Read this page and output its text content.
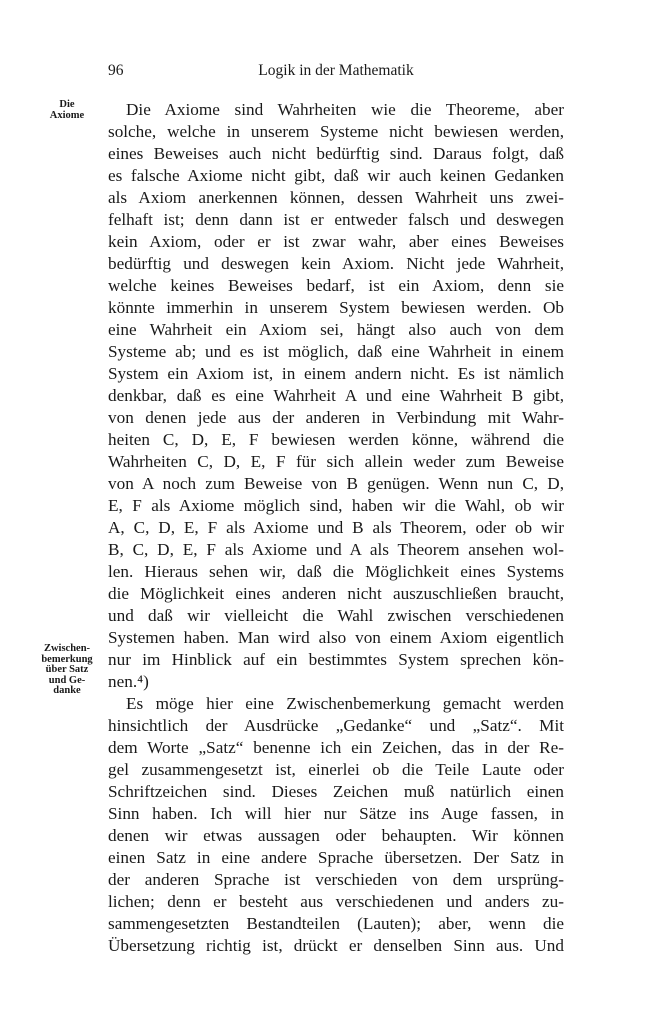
96	Logik in der Mathematik
Die
Axiome
Zwischen-
bemerkung
über Satz
und Ge-
danke
Die Axiome sind Wahrheiten wie die Theoreme, aber
solche, welche in unserem Systeme nicht bewiesen werden,
eines Beweises auch nicht bedürftig sind. Daraus folgt, daß
es falsche Axiome nicht gibt, daß wir auch keinen Gedanken
als Axiom anerkennen können, dessen Wahrheit uns zwei-
felhaft ist; denn dann ist er entweder falsch und deswegen
kein Axiom, oder er ist zwar wahr, aber eines Beweises
bedürftig und deswegen kein Axiom. Nicht jede Wahrheit,
welche keines Beweises bedarf, ist ein Axiom, denn sie
könnte immerhin in unserem System bewiesen werden. Ob
eine Wahrheit ein Axiom sei, hängt also auch von dem
Systeme ab; und es ist möglich, daß eine Wahrheit in einem
System ein Axiom ist, in einem andern nicht. Es ist nämlich
denkbar, daß es eine Wahrheit A und eine Wahrheit B gibt,
von denen jede aus der anderen in Verbindung mit Wahr-
heiten C, D, E, F bewiesen werden könne, während die
Wahrheiten C, D, E, F für sich allein weder zum Beweise
von A noch zum Beweise von B genügen. Wenn nun C, D,
E, F als Axiome möglich sind, haben wir die Wahl, ob wir
A, C, D, E, F als Axiome und B als Theorem, oder ob wir
B, C, D, E, F als Axiome und A als Theorem ansehen wol-
len. Hieraus sehen wir, daß die Möglichkeit eines Systems
die Möglichkeit eines anderen nicht auszuschließen braucht,
und daß wir vielleicht die Wahl zwischen verschiedenen
Systemen haben. Man wird also von einem Axiom eigentlich
nur im Hinblick auf ein bestimmtes System sprechen kön-
nen.⁴)
Es möge hier eine Zwischenbemerkung gemacht werden
hinsichtlich der Ausdrücke „Gedanke“ und „Satz“. Mit
dem Worte „Satz“ benenne ich ein Zeichen, das in der Re-
gel zusammengesetzt ist, einerlei ob die Teile Laute oder
Schriftzeichen sind. Dieses Zeichen muß natürlich einen
Sinn haben. Ich will hier nur Sätze ins Auge fassen, in
denen wir etwas aussagen oder behaupten. Wir können
einen Satz in eine andere Sprache übersetzen. Der Satz in
der anderen Sprache ist verschieden von dem ursprüng-
lichen; denn er besteht aus verschiedenen und anders zu-
sammengesetzten Bestandteilen (Lauten); aber, wenn die
Übersetzung richtig ist, drückt er denselben Sinn aus. Und
